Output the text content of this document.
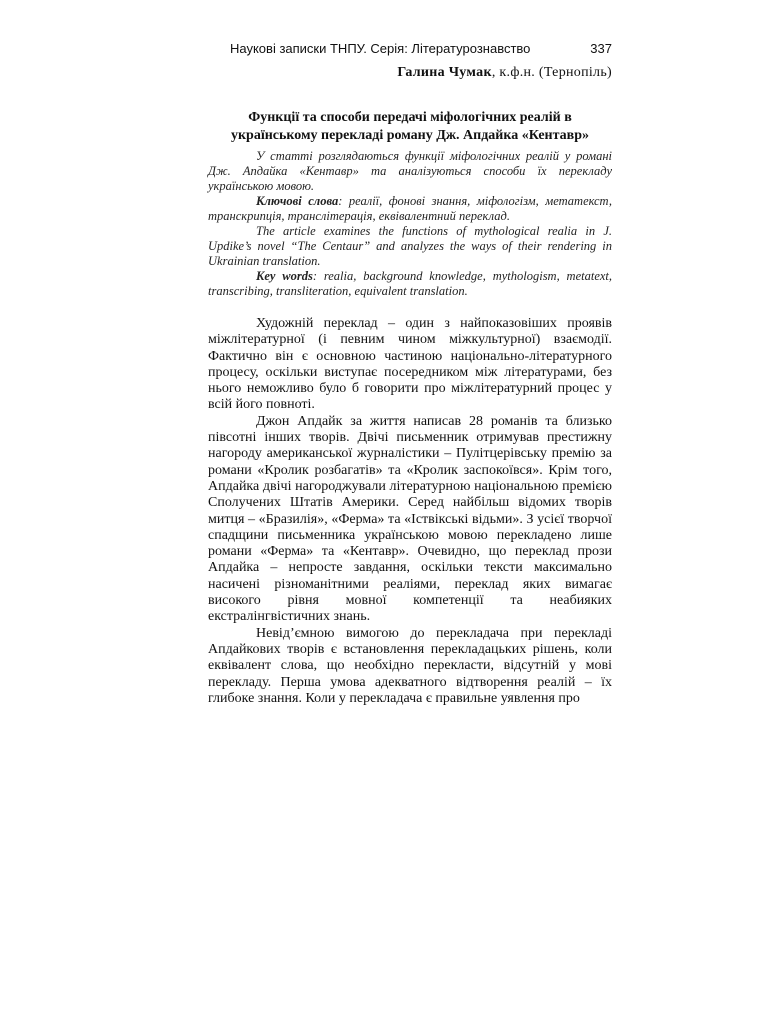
Наукові записки ТНПУ. Серія: Літературознавство	337
Галина Чумак, к.ф.н. (Тернопіль)
Функції та способи передачі міфологічних реалій в
українському перекладі роману Дж. Апдайка «Кентавр»

У статті розглядаються функції міфологічних реалій у романі Дж. Апдайка «Кентавр» та аналізуються способи їх перекладу українською мовою.

Ключові слова: реалії, фонові знання, міфологізм, метатекст, транскрипція, транслітерація, еквівалентний переклад.

The article examines the functions of mythological realia in J. Updike’s novel “The Centaur” and analyzes the ways of their rendering in Ukrainian translation.

Key words: realia, background knowledge, mythologism, metatext, transcribing, transliteration, equivalent translation.

Художній переклад – один з найпоказовіших проявів міжлітературної (і певним чином міжкультурної) взаємодії. Фактично він є основною частиною національно-літературного процесу, оскільки виступає посередником між літературами, без нього неможливо було б говорити про міжлітературний процес у всій його повноті.

Джон Апдайк за життя написав 28 романів та близько півсотні інших творів. Двічі письменник отримував престижну нагороду американської журналістики – Пулітцерівську премію за романи «Кролик розбагатів» та «Кролик заспокоївся». Крім того, Апдайка двічі нагороджували літературною національною премією Сполучених Штатів Америки. Серед найбільш відомих творів митця – «Бразилія», «Ферма» та «Іствікські відьми». З усієї творчої спадщини письменника українською мовою перекладено лише романи «Ферма» та «Кентавр». Очевидно, що переклад прози Апдайка – непросте завдання, оскільки тексти максимально насичені різноманітними реаліями, переклад яких вимагає високого рівня мовної компетенції та неабияких екстралінгвістичних знань.

Невід’ємною вимогою до перекладача при перекладі Апдайкових творів є встановлення перекладацьких рішень, коли еквівалент слова, що необхідно перекласти, відсутній у мові перекладу. Перша умова адекватного відтворення реалій – їх глибоке знання. Коли у перекладача є правильне уявлення про
